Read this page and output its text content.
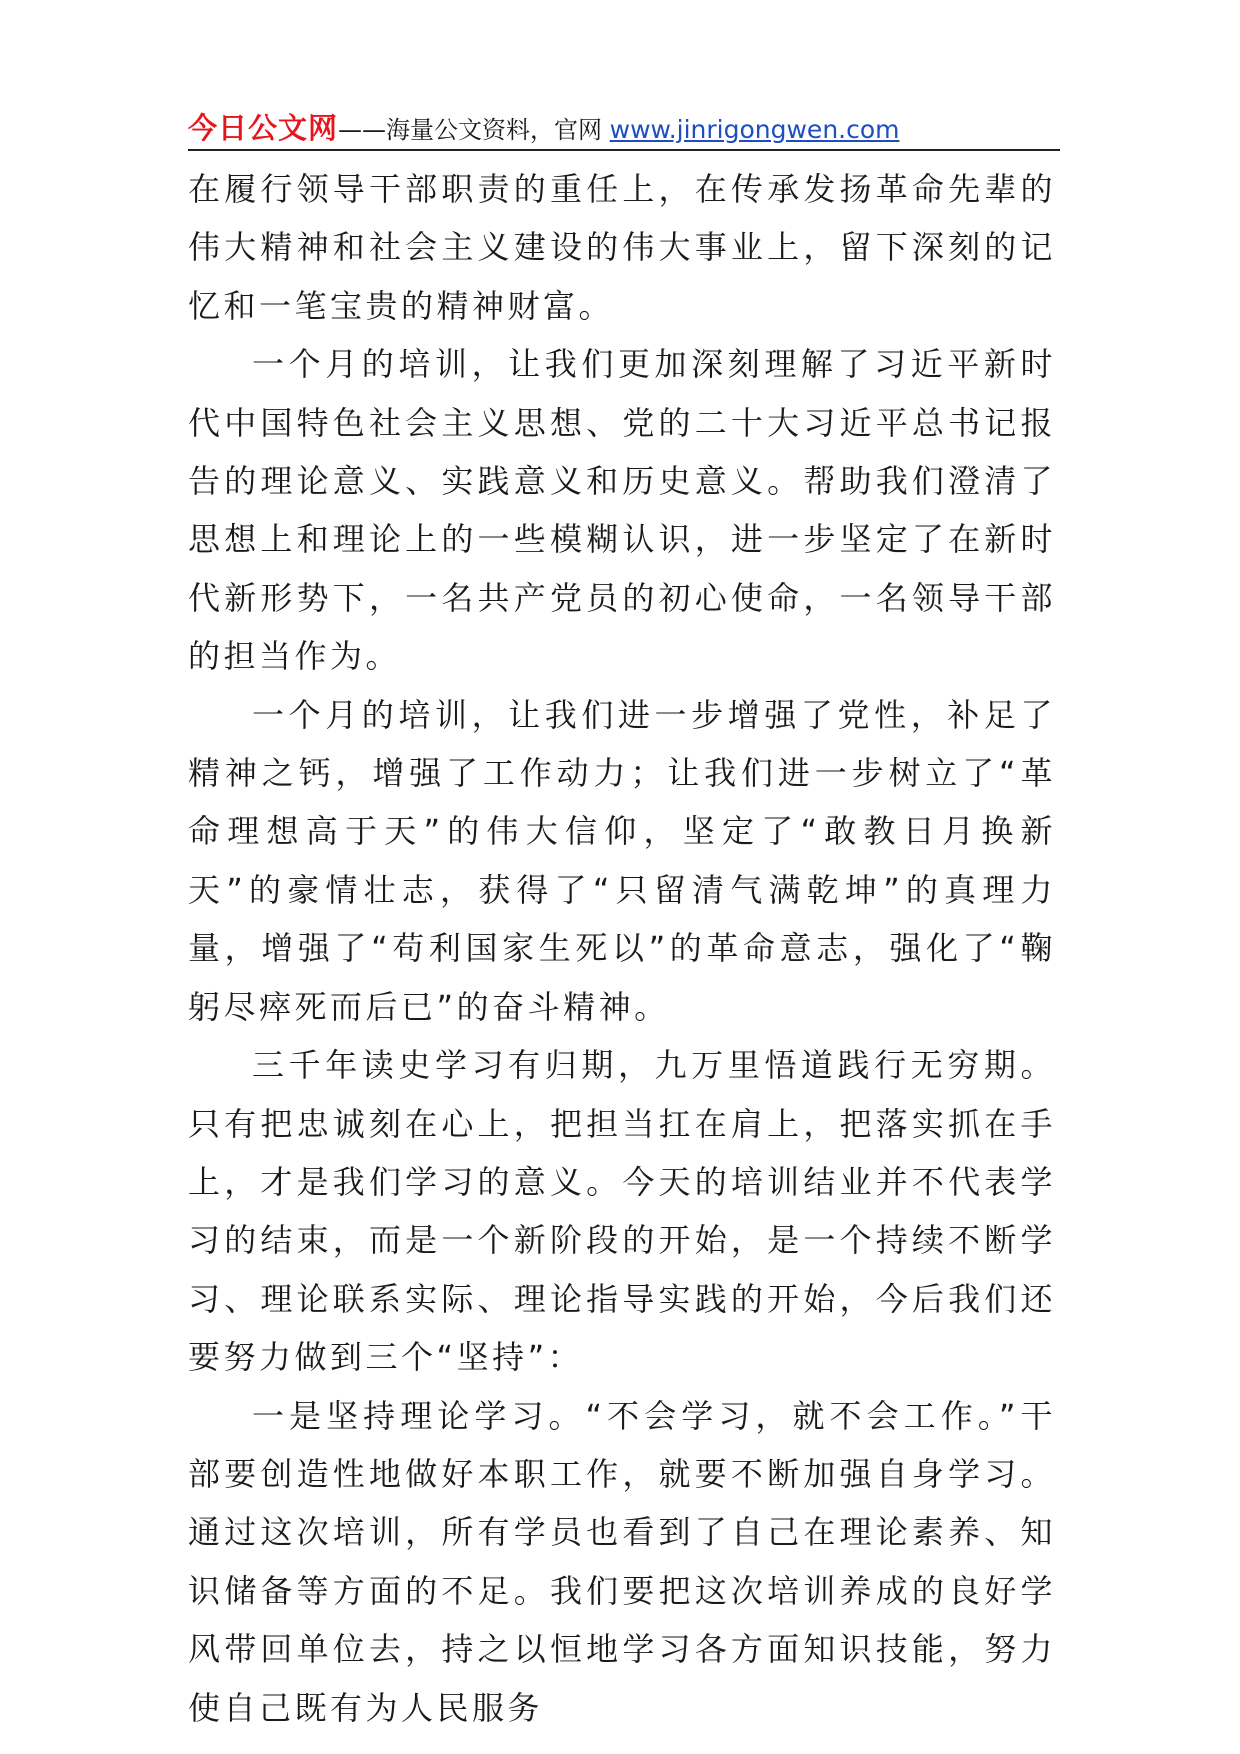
今日公文网——海量公文资料，官网 www.jinrigongwen.com

在履行领导干部职责的重任上，在传承发扬革命先辈的伟大精神和社会主义建设的伟大事业上，留下深刻的记忆和一笔宝贵的精神财富。

一个月的培训，让我们更加深刻理解了习近平新时代中国特色社会主义思想、党的二十大习近平总书记报告的理论意义、实践意义和历史意义。帮助我们澄清了思想上和理论上的一些模糊认识，进一步坚定了在新时代新形势下，一名共产党员的初心使命，一名领导干部的担当作为。

一个月的培训，让我们进一步增强了党性，补足了精神之钙，增强了工作动力；让我们进一步树立了“革命理想高于天”的伟大信仰，坚定了“敢教日月换新天”的豪情壮志，获得了“只留清气满乾坤”的真理力量，增强了“苟利国家生死以”的革命意志，强化了“鞠躬尽瘁死而后已”的奋斗精神。

三千年读史学习有归期，九万里悟道践行无穷期。只有把忠诚刻在心上，把担当扛在肩上，把落实抓在手上，才是我们学习的意义。今天的培训结业并不代表学习的结束，而是一个新阶段的开始，是一个持续不断学习、理论联系实际、理论指导实践的开始，今后我们还要努力做到三个“坚持”：

一是坚持理论学习。“不会学习，就不会工作。”干部要创造性地做好本职工作，就要不断加强自身学习。通过这次培训，所有学员也看到了自己在理论素养、知识储备等方面的不足。我们要把这次培训养成的良好学风带回单位去，持之以恒地学习各方面知识技能，努力使自己既有为人民服务
